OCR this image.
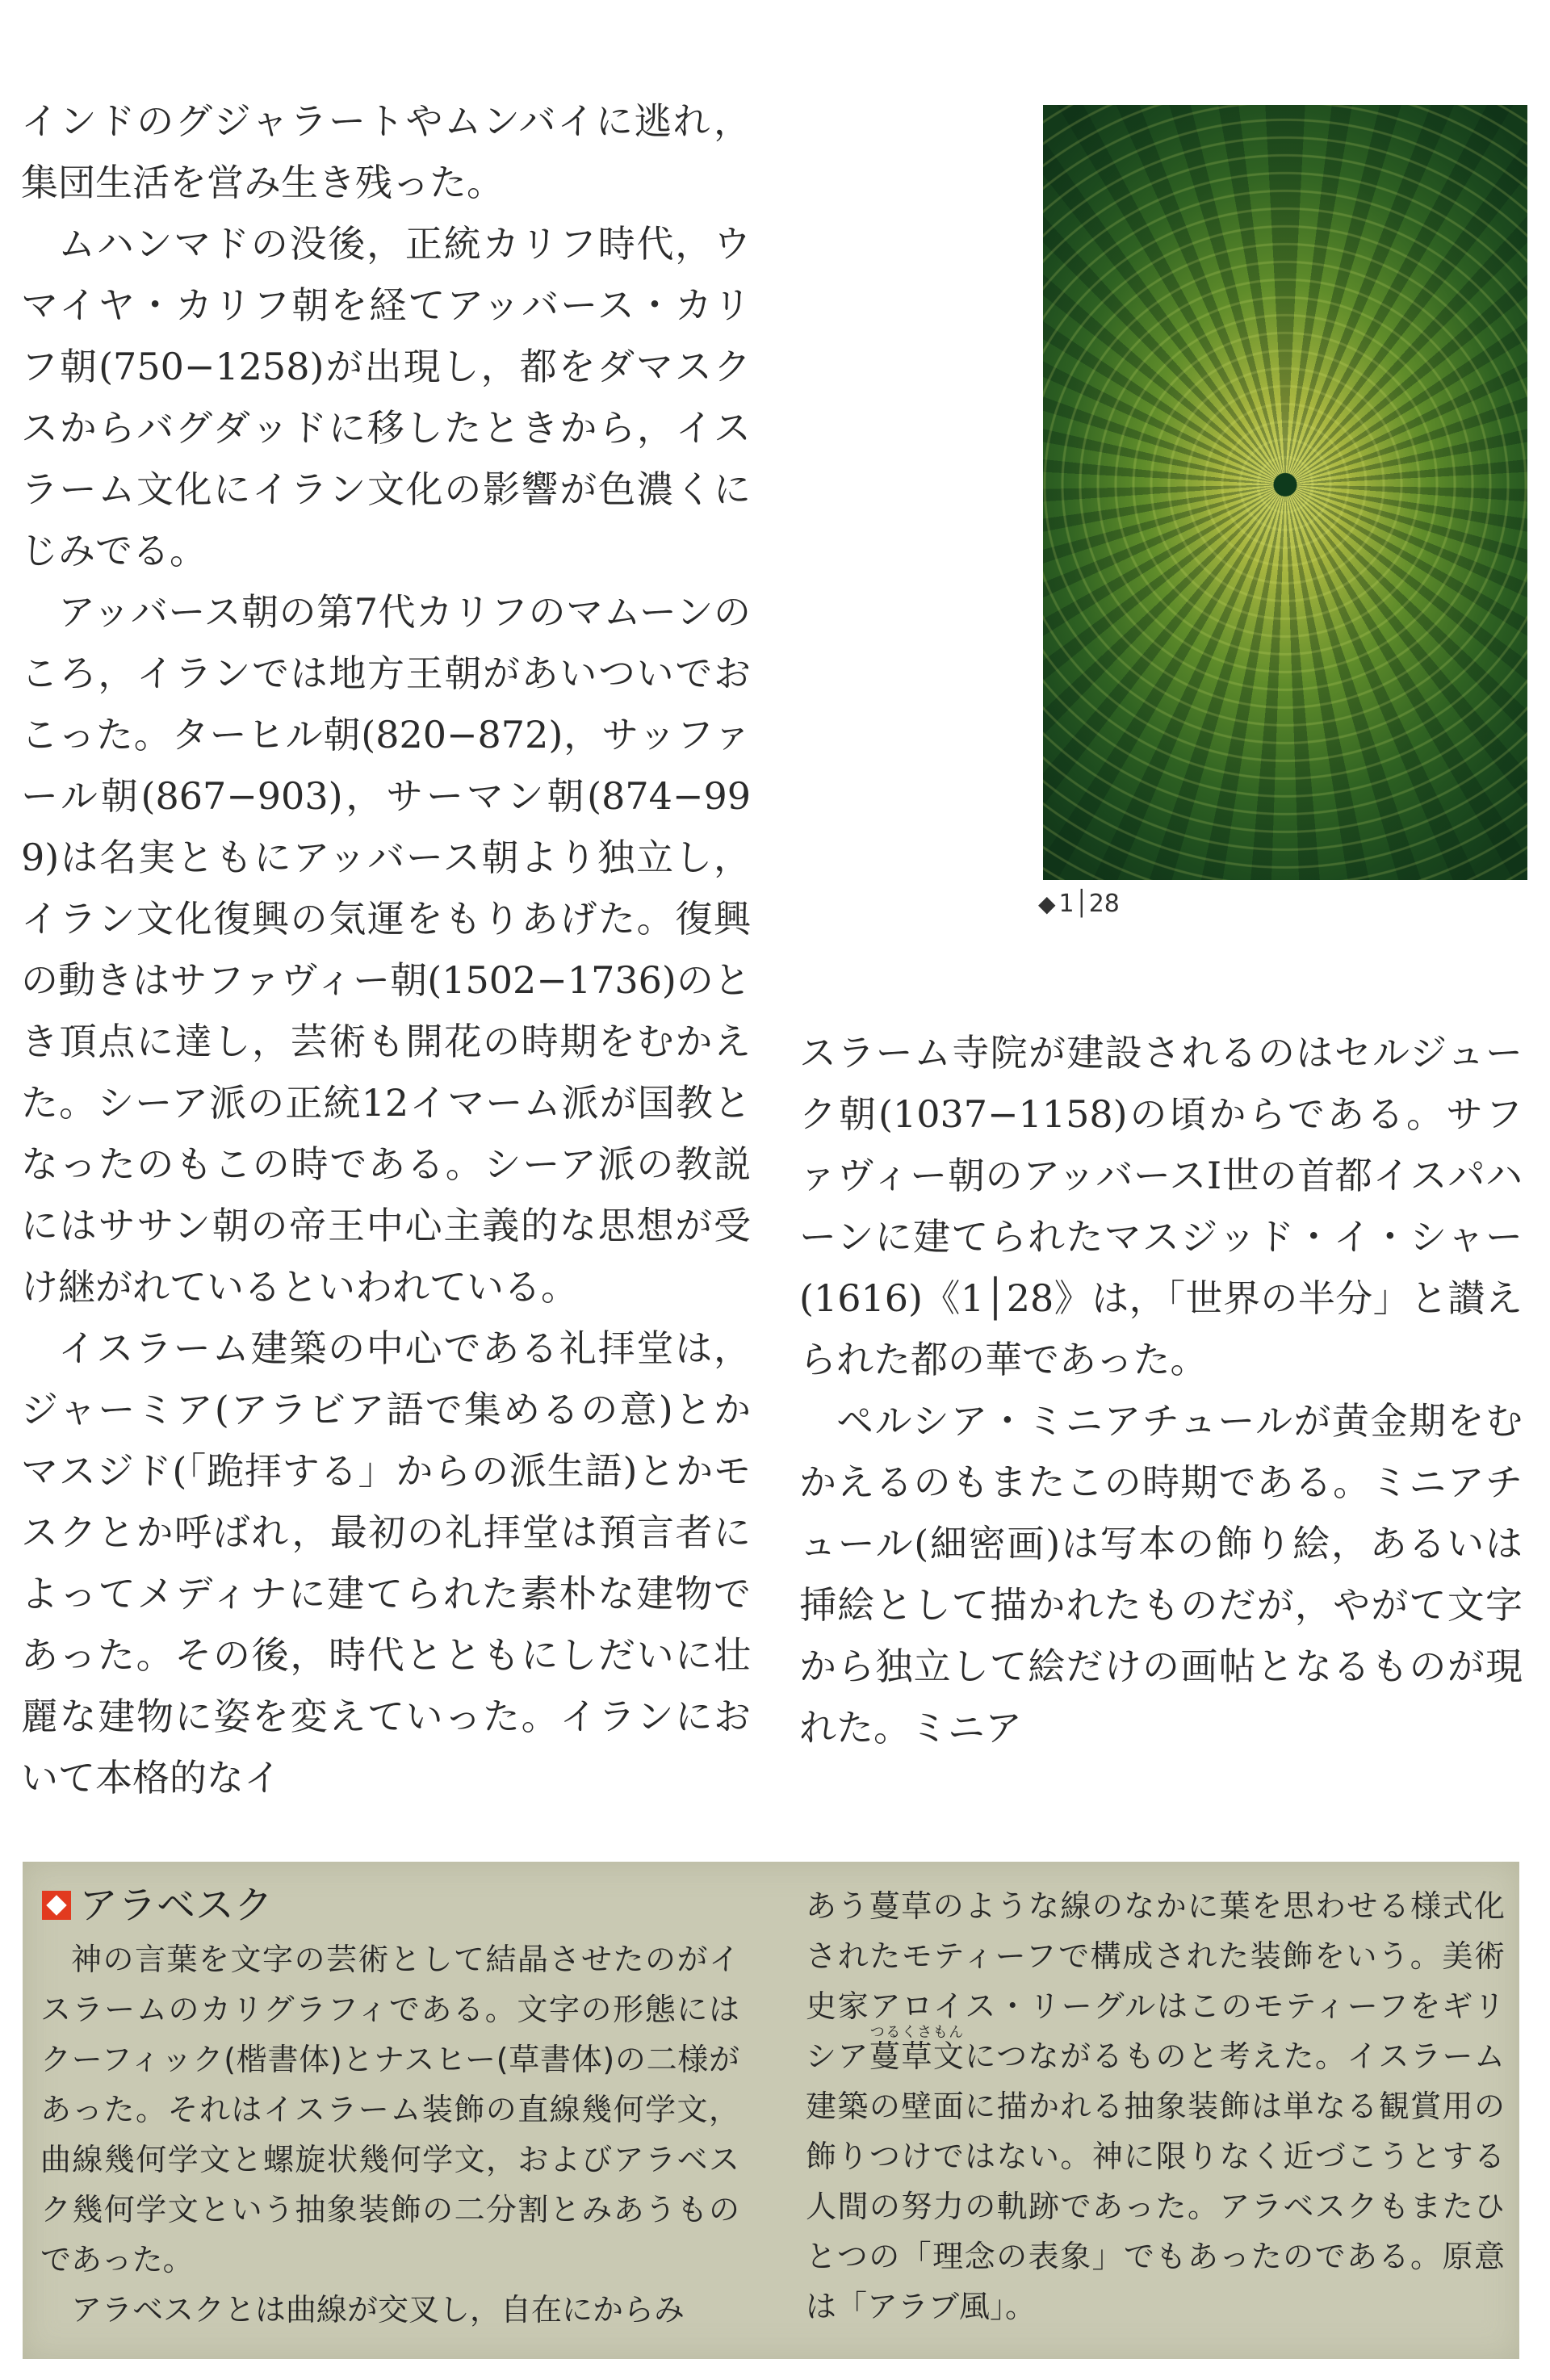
インドのグジャラートやムンバイに逃れ，集団生活を営み生き残った。

ムハンマドの没後，正統カリフ時代，ウマイヤ・カリフ朝を経てアッバース・カリフ朝(750−1258)が出現し，都をダマスクスからバグダッドに移したときから，イスラーム文化にイラン文化の影響が色濃くにじみでる。

アッバース朝の第7代カリフのマムーンのころ，イランでは地方王朝があいついでおこった。ターヒル朝(820−872)，サッファール朝(867−903)，サーマン朝(874−999)は名実ともにアッバース朝より独立し，イラン文化復興の気運をもりあげた。復興の動きはサファヴィー朝(1502−1736)のとき頂点に達し，芸術も開花の時期をむかえた。シーア派の正統12イマーム派が国教となったのもこの時である。シーア派の教説にはササン朝の帝王中心主義的な思想が受け継がれているといわれている。

イスラーム建築の中心である礼拝堂は，ジャーミア(アラビア語で集めるの意)とかマスジド(「跪拝する」からの派生語)とかモスクとか呼ばれ，最初の礼拝堂は預言者によってメディナに建てられた素朴な建物であった。その後，時代とともにしだいに壮麗な建物に姿を変えていった。イランにおいて本格的なイ

◆ 1│28

スラーム寺院が建設されるのはセルジューク朝(1037−1158)の頃からである。サファヴィー朝のアッバースⅠ世の首都イスパハーンに建てられたマスジッド・イ・シャー(1616)《1│28》は，「世界の半分」と讃えられた都の華であった。

ペルシア・ミニアチュールが黄金期をむかえるのもまたこの時期である。ミニアチュール(細密画)は写本の飾り絵，あるいは挿絵として描かれたものだが，やがて文字から独立して絵だけの画帖となるものが現れた。ミニア

アラベスク

神の言葉を文字の芸術として結晶させたのがイスラームのカリグラフィである。文字の形態にはクーフィック(楷書体)とナスヒー(草書体)の二様があった。それはイスラーム装飾の直線幾何学文，曲線幾何学文と螺旋状幾何学文，およびアラベスク幾何学文という抽象装飾の二分割とみあうものであった。

アラベスクとは曲線が交叉し，自在にからみ

あう蔓草のような線のなかに葉を思わせる様式化されたモティーフで構成された装飾をいう。美術史家アロイス・リーグルはこのモティーフをギリシア蔓草文つるくさもんにつながるものと考えた。イスラーム建築の壁面に描かれる抽象装飾は単なる観賞用の飾りつけではない。神に限りなく近づこうとする人間の努力の軌跡であった。アラベスクもまたひとつの「理念の表象」でもあったのである。原意は「アラブ風」。
